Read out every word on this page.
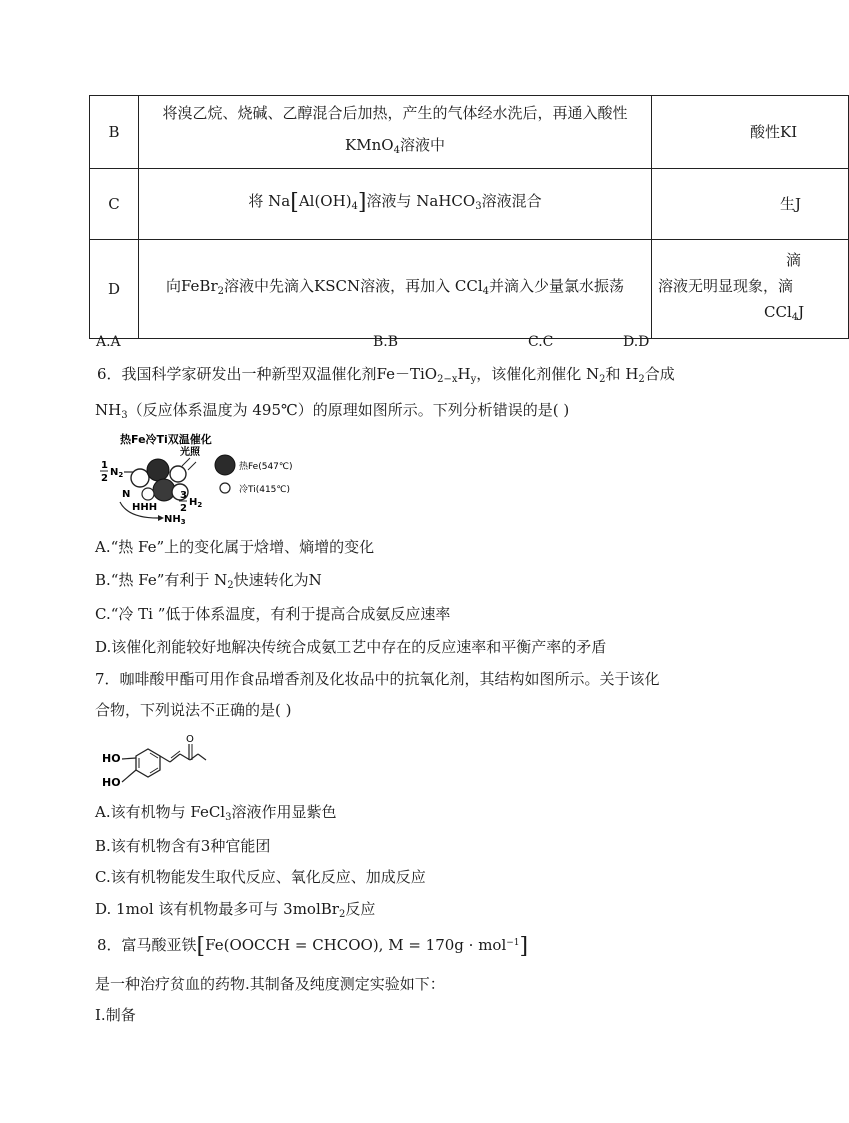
B	将溴乙烷、烧碱、乙醇混合后加热，产生的气体经水洗后，再通入酸性
KMnO$_4$溶液中	酸性KI
C	将 $Na[Al(OH)_4]$溶液与 NaHCO$_3$溶液混合	生J
D	向FeBr$_2$溶液中先滴入KSCN溶液，再加入 CCl$_4$并滴入少量氯水振荡	滴
溶液无明显现象，滴
CCl$_4$J
A.A	B.B	C.C	D.D
6．我国科学家研发出一种新型双温催化剂$Fe-TiO_{2-x}H_y$，该催化剂催化 $N_2$和 $H_2$合成
$NH_3$（反应体系温度为 495℃）的原理如图所示。下列分析错误的是( )
热Fe冷Ti双温催化
光照
1
2
$N_2$
N
HHH
3
2
$H_2$
$NH_3$
热Fe(547℃)
冷Ti(415℃)
A.“热 Fe”上的变化属于焓增、熵增的变化
B.“热 Fe”有利于 $N_2$快速转化为N
C.“冷 Ti ”低于体系温度，有利于提高合成氨反应速率
D.该催化剂能较好地解决传统合成氨工艺中存在的反应速率和平衡产率的矛盾
7．咖啡酸甲酯可用作食品增香剂及化妆品中的抗氧化剂，其结构如图所示。关于该化
合物，下列说法不正确的是( )
HO
HO
O
A.该有机物与 FeCl$_3$溶液作用显紫色
B.该有机物含有3种官能团
C.该有机物能发生取代反应、氧化反应、加成反应
D. 1mol 该有机物最多可与 3molBr$_2$反应
8．富马酸亚铁[Fe(OOCCH = CHCOO), M = 170g · mol$^{-1}$]
是一种治疗贫血的药物.其制备及纯度测定实验如下：
Ⅰ.制备
